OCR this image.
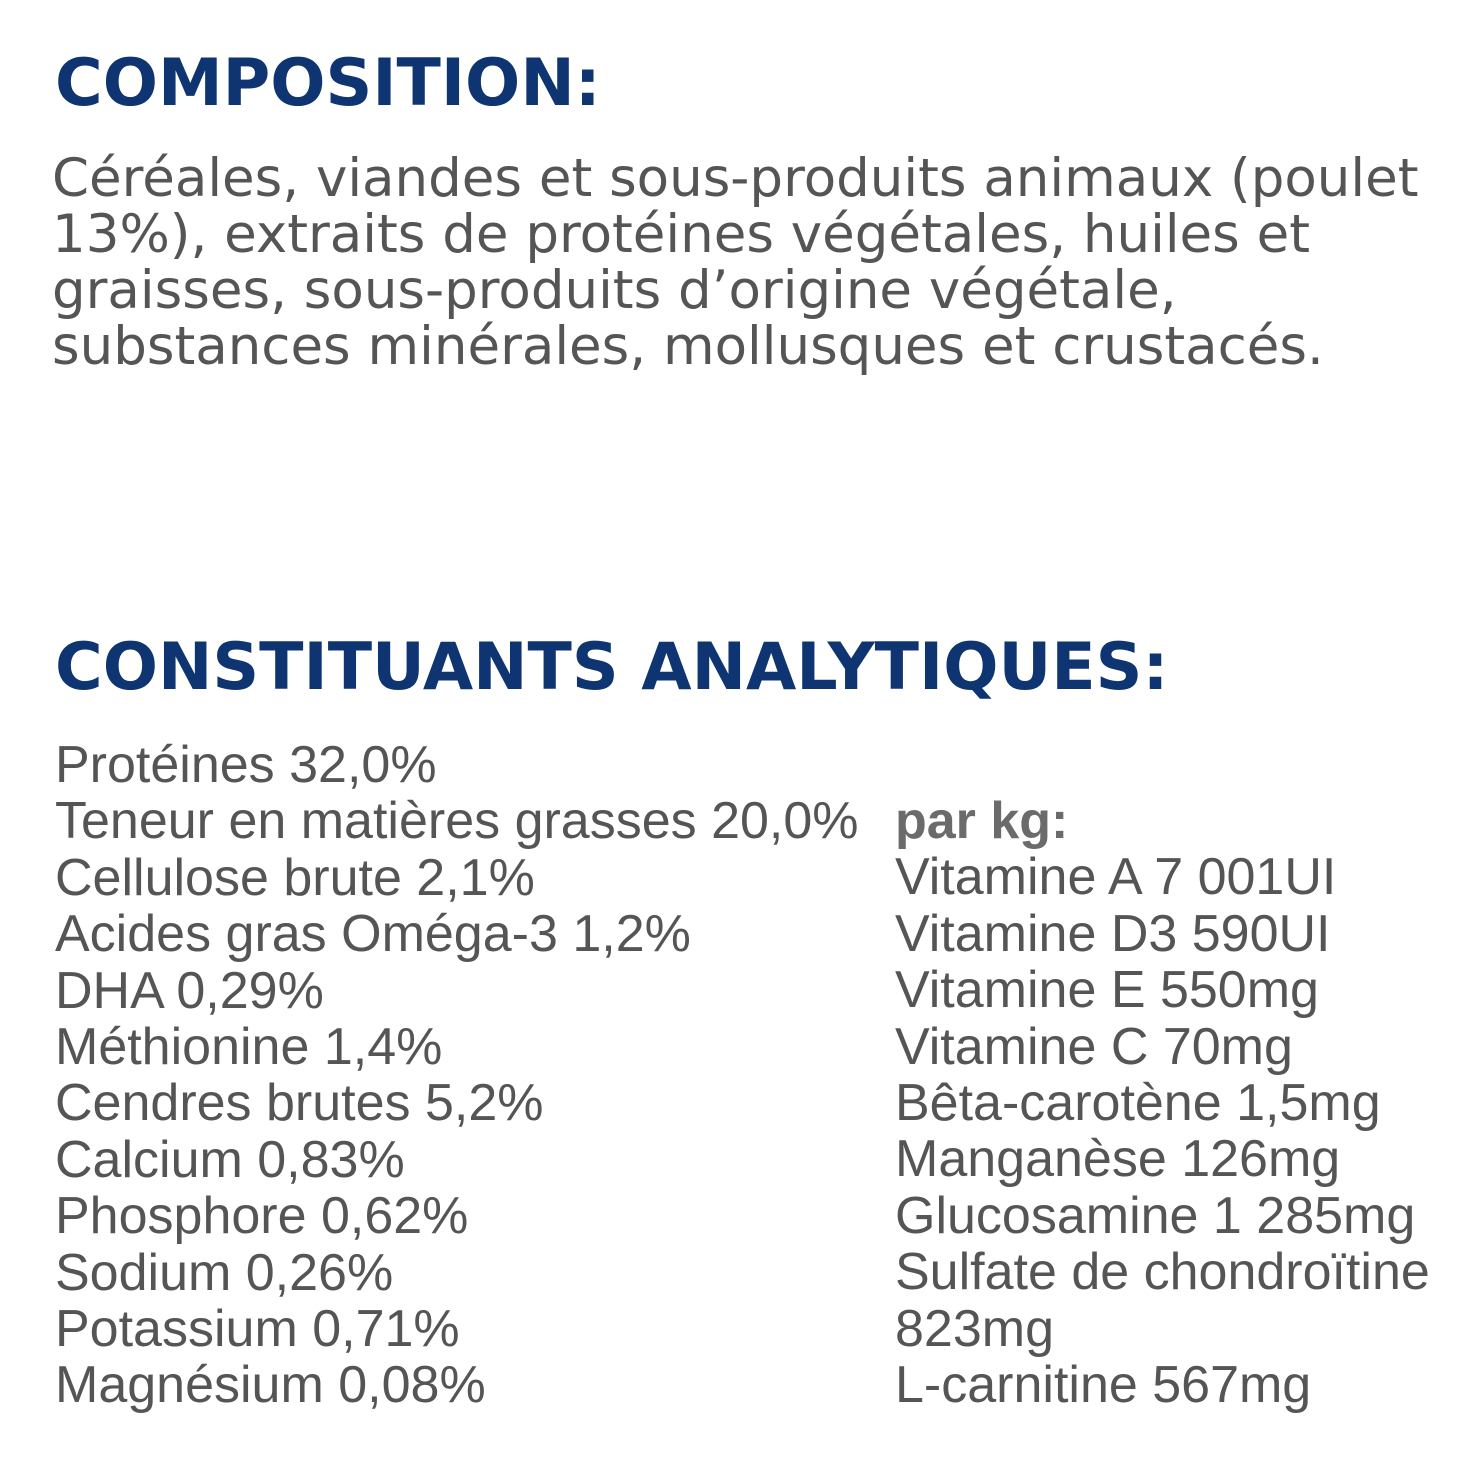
COMPOSITION:
Céréales, viandes et sous-produits animaux (poulet
13%), extraits de protéines végétales, huiles et
graisses, sous-produits d’origine végétale,
substances minérales, mollusques et crustacés.
CONSTITUANTS ANALYTIQUES:
Protéines 32,0%
Teneur en matières grasses 20,0%
Cellulose brute 2,1%
Acides gras Oméga-3 1,2%
DHA 0,29%
Méthionine 1,4%
Cendres brutes 5,2%
Calcium 0,83%
Phosphore 0,62%
Sodium 0,26%
Potassium 0,71%
Magnésium 0,08%
par kg:
Vitamine A 7 001UI
Vitamine D3 590UI
Vitamine E 550mg
Vitamine C 70mg
Bêta-carotène 1,5mg
Manganèse 126mg
Glucosamine 1 285mg
Sulfate de chondroïtine 823mg
L-carnitine 567mg
